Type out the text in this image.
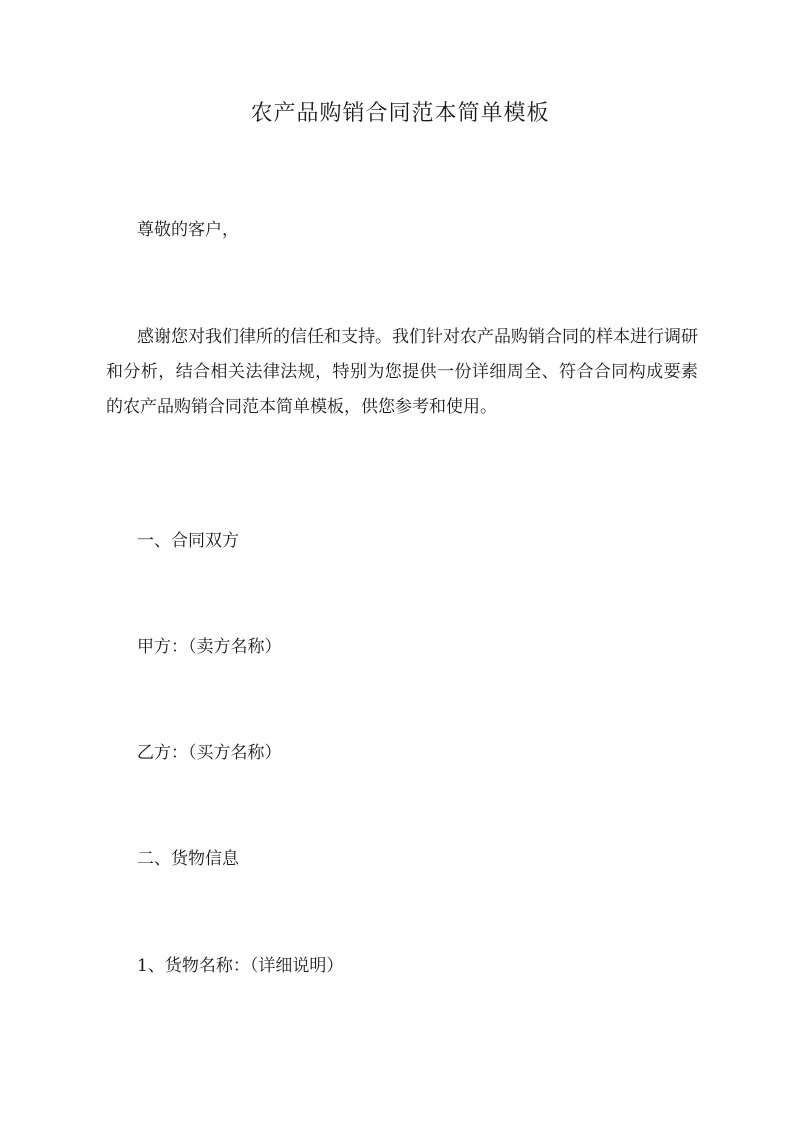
农产品购销合同范本简单模板

尊敬的客户，

感谢您对我们律所的信任和支持。我们针对农产品购销合同的样本进行调研和分析，结合相关法律法规，特别为您提供一份详细周全、符合合同构成要素的农产品购销合同范本简单模板，供您参考和使用。

一、合同双方

甲方：（卖方名称）

乙方：（买方名称）

二、货物信息

1、货物名称：（详细说明）
